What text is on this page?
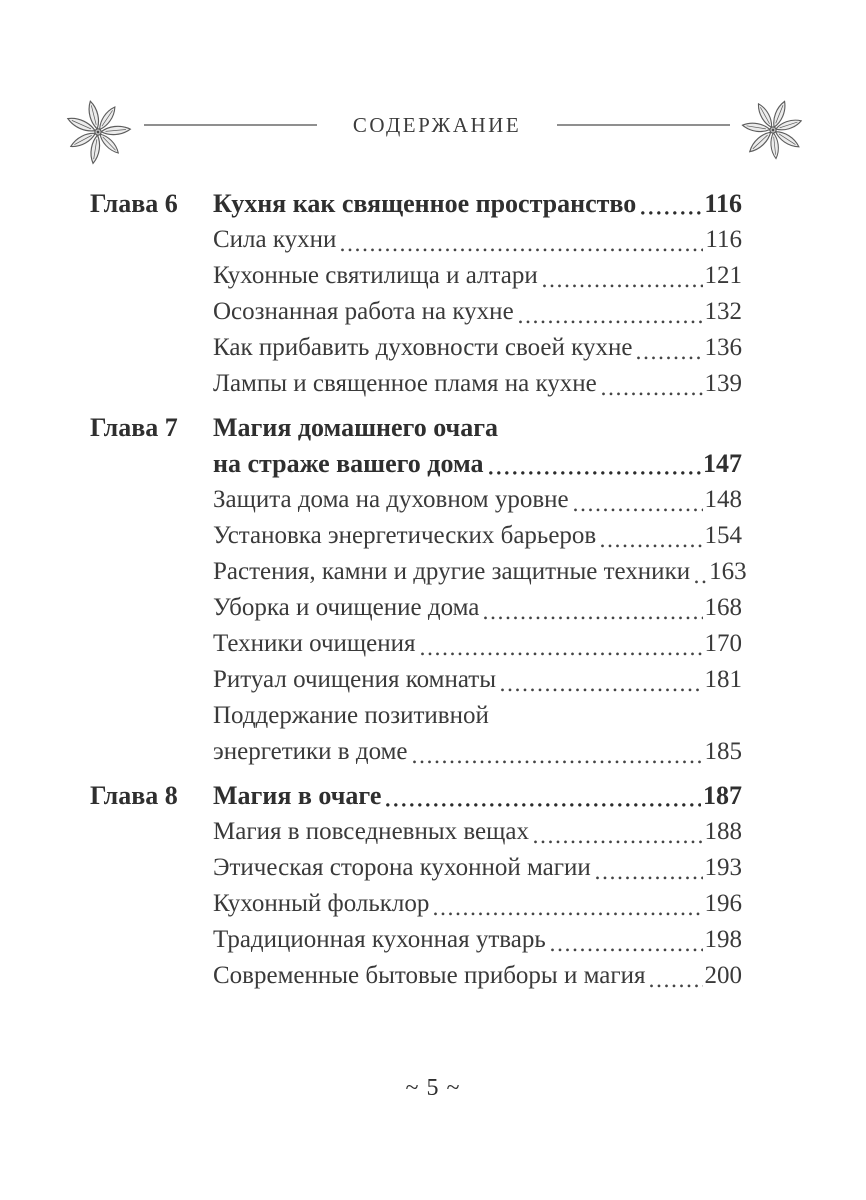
СОДЕРЖАНИЕ
Глава 6	Кухня как священное пространство	116
Сила кухни	116
Кухонные святилища и алтари	121
Осознанная работа на кухне	132
Как прибавить духовности своей кухне	136
Лампы и священное пламя на кухне	139
Глава 7	Магия домашнего очага
на страже вашего дома	147
Защита дома на духовном уровне	148
Установка энергетических барьеров	154
Растения, камни и другие защитные техники 163
Уборка и очищение дома	168
Техники очищения	170
Ритуал очищения комнаты	181
Поддержание позитивной
энергетики в доме	185
Глава 8	Магия в очаге	187
Магия в повседневных вещах	188
Этическая сторона кухонной магии	193
Кухонный фольклор	196
Традиционная кухонная утварь	198
Современные бытовые приборы и магия 200
~ 5 ~
